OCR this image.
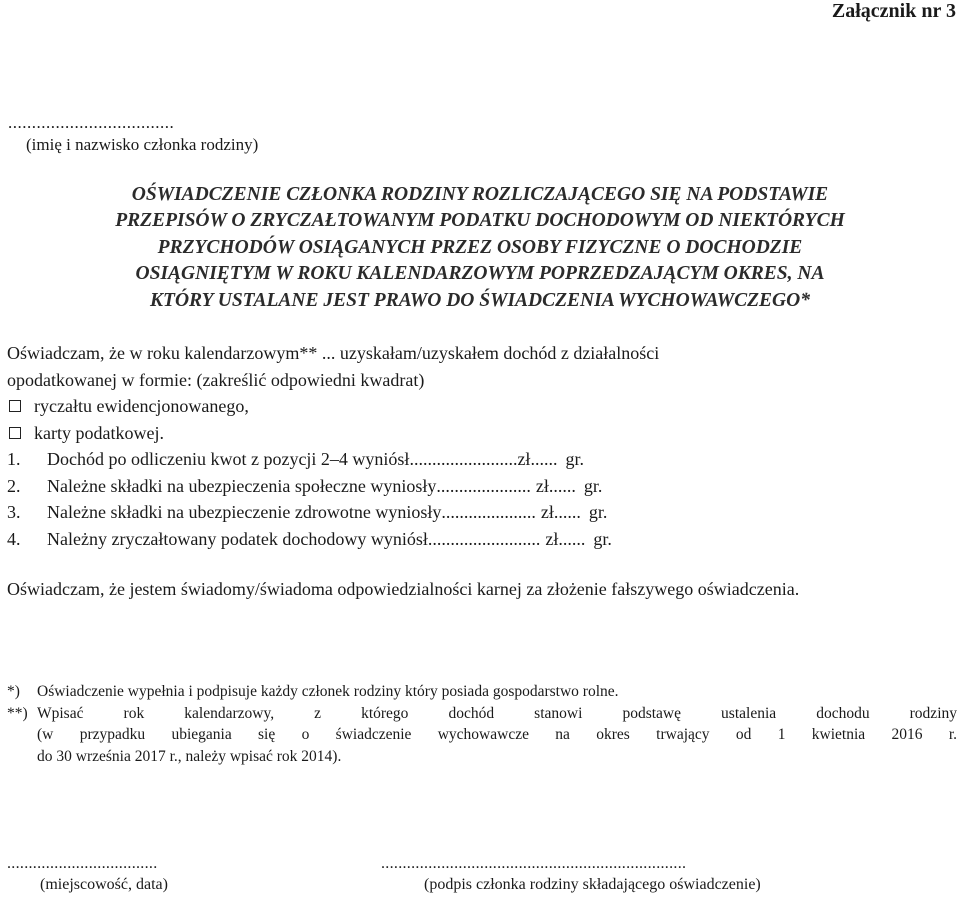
Załącznik nr 3
...................................
(imię i nazwisko członka rodziny)
OŚWIADCZENIE CZŁONKA RODZINY ROZLICZAJĄCEGO SIĘ NA PODSTAWIE
PRZEPISÓW O ZRYCZAŁTOWANYM PODATKU DOCHODOWYM OD NIEKTÓRYCH
PRZYCHODÓW OSIĄGANYCH PRZEZ OSOBY FIZYCZNE O DOCHODZIE
OSIĄGNIĘTYM W ROKU KALENDARZOWYM POPRZEDZAJĄCYM OKRES, NA
KTÓRY USTALANE JEST PRAWO DO ŚWIADCZENIA WYCHOWAWCZEGO*
Oświadczam, że w roku kalendarzowym** ... uzyskałam/uzyskałem dochód z działalności
opodatkowanej w formie: (zakreślić odpowiedni kwadrat)
ryczałtu ewidencjonowanego,
karty podatkowej.
1.	Dochód po odliczeniu kwot z pozycji 2–4 wyniósł ........................ zł ...... gr.
2.	Należne składki na ubezpieczenia społeczne wyniosły ..................... zł ...... gr.
3.	Należne składki na ubezpieczenie zdrowotne wyniosły ..................... zł ...... gr.
4.	Należny zryczałtowany podatek dochodowy wyniósł ......................... zł ...... gr.
Oświadczam, że jestem świadomy/świadoma odpowiedzialności karnej za złożenie fałszywego oświadczenia.
*)	Oświadczenie wypełnia i podpisuje każdy członek rodziny który posiada gospodarstwo rolne.
**) Wpisać rok kalendarzowy, z którego dochód stanowi podstawę ustalenia dochodu rodziny
(w przypadku ubiegania się o świadczenie wychowawcze na okres trwający od 1 kwietnia 2016 r.
do 30 września 2017 r., należy wpisać rok 2014).
...................................	.......................................................................
(miejscowość, data)	(podpis członka rodziny składającego oświadczenie)
